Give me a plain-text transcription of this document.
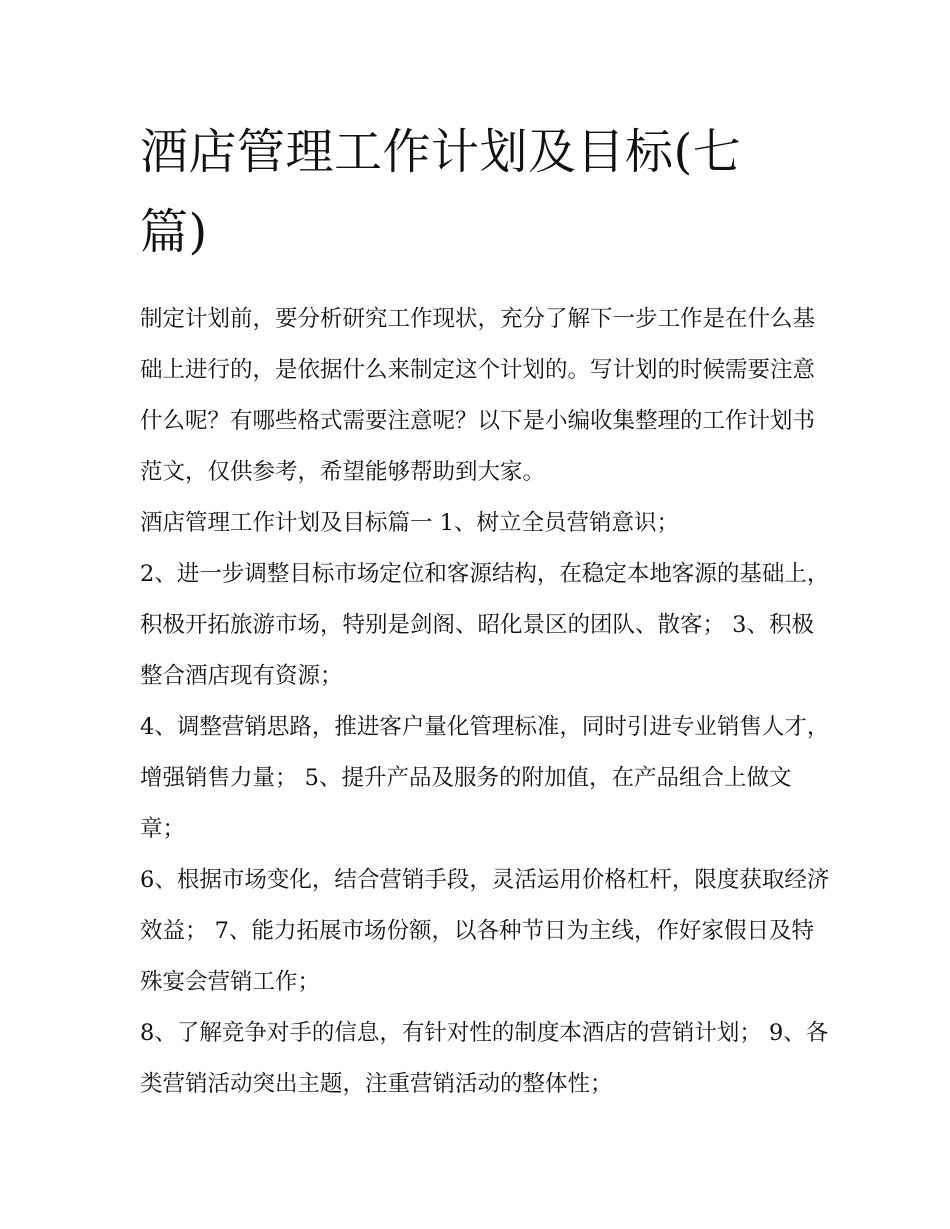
酒店管理工作计划及目标(七篇)

制定计划前，要分析研究工作现状，充分了解下一步工作是在什么基础上进行的，是依据什么来制定这个计划的。写计划的时候需要注意什么呢？有哪些格式需要注意呢？以下是小编收集整理的工作计划书范文，仅供参考，希望能够帮助到大家。

酒店管理工作计划及目标篇一 1、树立全员营销意识；

2、进一步调整目标市场定位和客源结构，在稳定本地客源的基础上，积极开拓旅游市场，特别是剑阁、昭化景区的团队、散客； 3、积极整合酒店现有资源；

4、调整营销思路，推进客户量化管理标准，同时引进专业销售人才，增强销售力量； 5、提升产品及服务的附加值，在产品组合上做文章；

6、根据市场变化，结合营销手段，灵活运用价格杠杆，限度获取经济效益； 7、能力拓展市场份额，以各种节日为主线，作好家假日及特殊宴会营销工作；

8、了解竞争对手的信息，有针对性的制度本酒店的营销计划； 9、各类营销活动突出主题，注重营销活动的整体性；
